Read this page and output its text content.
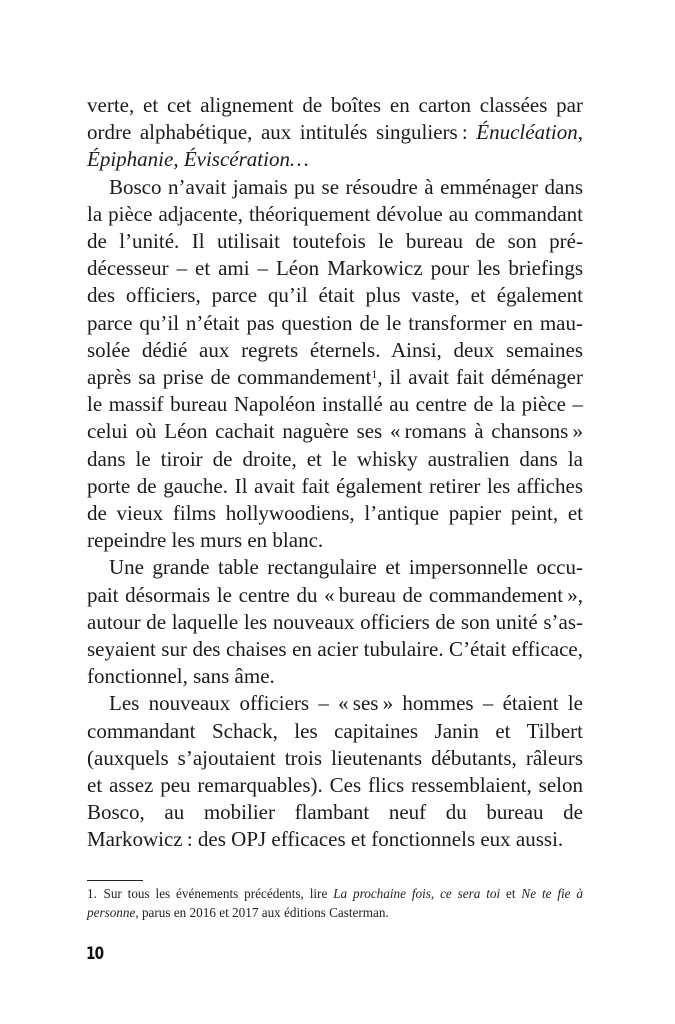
verte, et cet alignement de boîtes en carton classées par ordre alphabétique, aux intitulés singuliers : Énucléation, Épiphanie, Éviscération…

Bosco n’avait jamais pu se résoudre à emménager dans la pièce adjacente, théoriquement dévolue au commandant de l’unité. Il utilisait toutefois le bureau de son prédécesseur – et ami – Léon Markowicz pour les briefings des officiers, parce qu’il était plus vaste, et également parce qu’il n’était pas question de le transformer en mausolée dédié aux regrets éternels. Ainsi, deux semaines après sa prise de commandement$^1$, il avait fait déménager le massif bureau Napoléon installé au centre de la pièce – celui où Léon cachait naguère ses « romans à chansons » dans le tiroir de droite, et le whisky australien dans la porte de gauche. Il avait fait également retirer les affiches de vieux films hollywoodiens, l’antique papier peint, et repeindre les murs en blanc.

Une grande table rectangulaire et impersonnelle occupait désormais le centre du « bureau de commandement », autour de laquelle les nouveaux officiers de son unité s’asseyaient sur des chaises en acier tubulaire. C’était efficace, fonctionnel, sans âme.

Les nouveaux officiers – « ses » hommes – étaient le commandant Schack, les capitaines Janin et Tilbert (auxquels s’ajoutaient trois lieutenants débutants, râleurs et assez peu remarquables). Ces flics ressemblaient, selon Bosco, au mobilier flambant neuf du bureau de Markowicz : des OPJ efficaces et fonctionnels eux aussi.

1. Sur tous les événements précédents, lire La prochaine fois, ce sera toi et Ne te fie à personne, parus en 2016 et 2017 aux éditions Casterman.
10
